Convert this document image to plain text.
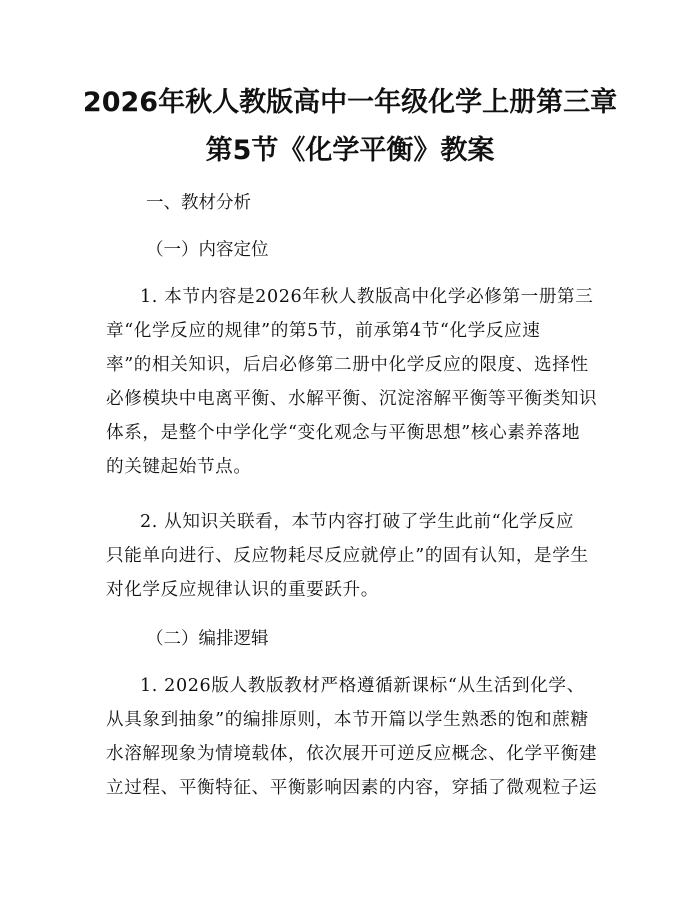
2026年秋人教版高中一年级化学上册第三章
第5节《化学平衡》教案
一、教材分析
（一）内容定位
1. 本节内容是2026年秋人教版高中化学必修第一册第三
章“化学反应的规律”的第5节，前承第4节“化学反应速
率”的相关知识，后启必修第二册中化学反应的限度、选择性
必修模块中电离平衡、水解平衡、沉淀溶解平衡等平衡类知识
体系，是整个中学化学“变化观念与平衡思想”核心素养落地
的关键起始节点。
2. 从知识关联看，本节内容打破了学生此前“化学反应
只能单向进行、反应物耗尽反应就停止”的固有认知，是学生
对化学反应规律认识的重要跃升。
（二）编排逻辑
1. 2026版人教版教材严格遵循新课标“从生活到化学、
从具象到抽象”的编排原则，本节开篇以学生熟悉的饱和蔗糖
水溶解现象为情境载体，依次展开可逆反应概念、化学平衡建
立过程、平衡特征、平衡影响因素的内容，穿插了微观粒子运
